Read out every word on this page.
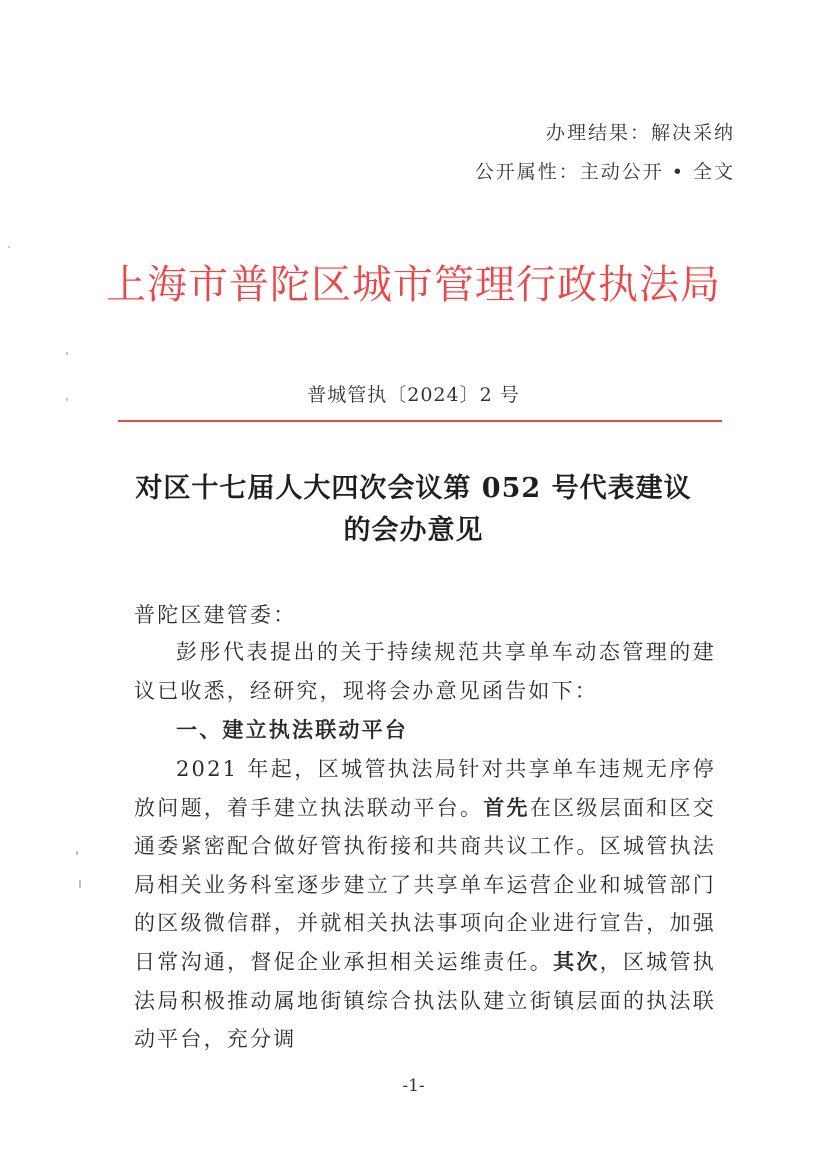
办理结果：解决采纳
公开属性：主动公开 • 全文
上海市普陀区城市管理行政执法局
普城管执〔2024〕2 号
对区十七届人大四次会议第 052 号代表建议
的会办意见

普陀区建管委：

彭彤代表提出的关于持续规范共享单车动态管理的建议已收悉，经研究，现将会办意见函告如下：

一、建立执法联动平台

2021 年起，区城管执法局针对共享单车违规无序停放问题，着手建立执法联动平台。首先在区级层面和区交通委紧密配合做好管执衔接和共商共议工作。区城管执法局相关业务科室逐步建立了共享单车运营企业和城管部门的区级微信群，并就相关执法事项向企业进行宣告，加强日常沟通，督促企业承担相关运维责任。其次，区城管执法局积极推动属地街镇综合执法队建立街镇层面的执法联动平台，充分调

-1-
